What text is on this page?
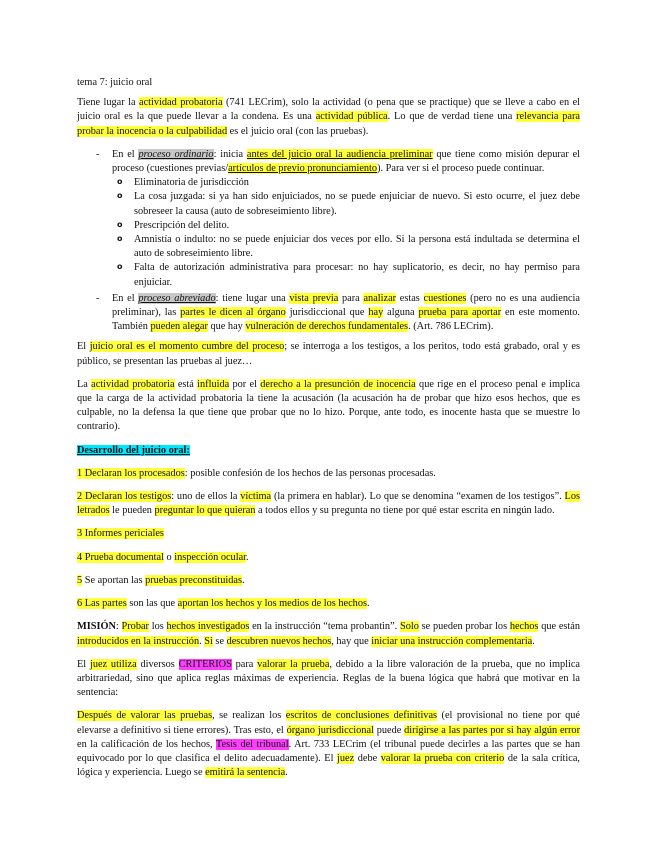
tema 7: juicio oral

Tiene lugar la actividad probatoria (741 LECrim), solo la actividad (o pena que se practique) que se lleve a cabo en el juicio oral es la que puede llevar a la condena. Es una actividad pública. Lo que de verdad tiene una relevancia para probar la inocencia o la culpabilidad es el juicio oral (con las pruebas).

- En el proceso ordinario: inicia antes del juicio oral la audiencia preliminar que tiene como misión depurar el proceso (cuestiones previas/artículos de previo pronunciamiento). Para ver si el proceso puede continuar.
o Eliminatoria de jurisdicción
o La cosa juzgada: si ya han sido enjuiciados, no se puede enjuiciar de nuevo. Si esto ocurre, el juez debe sobreseer la causa (auto de sobreseimiento libre).
o Prescripción del delito.
o Amnistía o indulto: no se puede enjuiciar dos veces por ello. Si la persona está indultada se determina el auto de sobreseimiento libre.
o Falta de autorización administrativa para procesar: no hay suplicatorio, es decir, no hay permiso para enjuiciar.
- En el proceso abreviado: tiene lugar una vista previa para analizar estas cuestiones (pero no es una audiencia preliminar), las partes le dicen al órgano jurisdiccional que hay alguna prueba para aportar en este momento. También pueden alegar que hay vulneración de derechos fundamentales. (Art. 786 LECrim).

El juicio oral es el momento cumbre del proceso; se interroga a los testigos, a los peritos, todo está grabado, oral y es público, se presentan las pruebas al juez…

La actividad probatoria está influida por el derecho a la presunción de inocencia que rige en el proceso penal e implica que la carga de la actividad probatoria la tiene la acusación (la acusación ha de probar que hizo esos hechos, que es culpable, no la defensa la que tiene que probar que no lo hizo. Porque, ante todo, es inocente hasta que se muestre lo contrario).

Desarrollo del juicio oral:

1 Declaran los procesados: posible confesión de los hechos de las personas procesadas.

2 Declaran los testigos: uno de ellos la víctima (la primera en hablar). Lo que se denomina “examen de los testigos”. Los letrados le pueden preguntar lo que quieran a todos ellos y su pregunta no tiene por qué estar escrita en ningún lado.

3 Informes periciales

4 Prueba documental o inspección ocular.

5 Se aportan las pruebas preconstituidas.

6 Las partes son las que aportan los hechos y los medios de los hechos.

MISIÓN: Probar los hechos investigados en la instrucción “tema probantin”. Solo se pueden probar los hechos que están introducidos en la instrucción. Si se descubren nuevos hechos, hay que iniciar una instrucción complementaria.

El juez utiliza diversos CRITERIOS para valorar la prueba, debido a la libre valoración de la prueba, que no implica arbitrariedad, sino que aplica reglas máximas de experiencia. Reglas de la buena lógica que habrá que motivar en la sentencia:

Después de valorar las pruebas, se realizan los escritos de conclusiones definitivas (el provisional no tiene por qué elevarse a definitivo si tiene errores). Tras esto, el órgano jurisdiccional puede dirigirse a las partes por si hay algún error en la calificación de los hechos, Tesis del tribunal. Art. 733 LECrim (el tribunal puede decirles a las partes que se han equivocado por lo que clasifica el delito adecuadamente). El juez debe valorar la prueba con criterio de la sala crítica, lógica y experiencia. Luego se emitirá la sentencia.
